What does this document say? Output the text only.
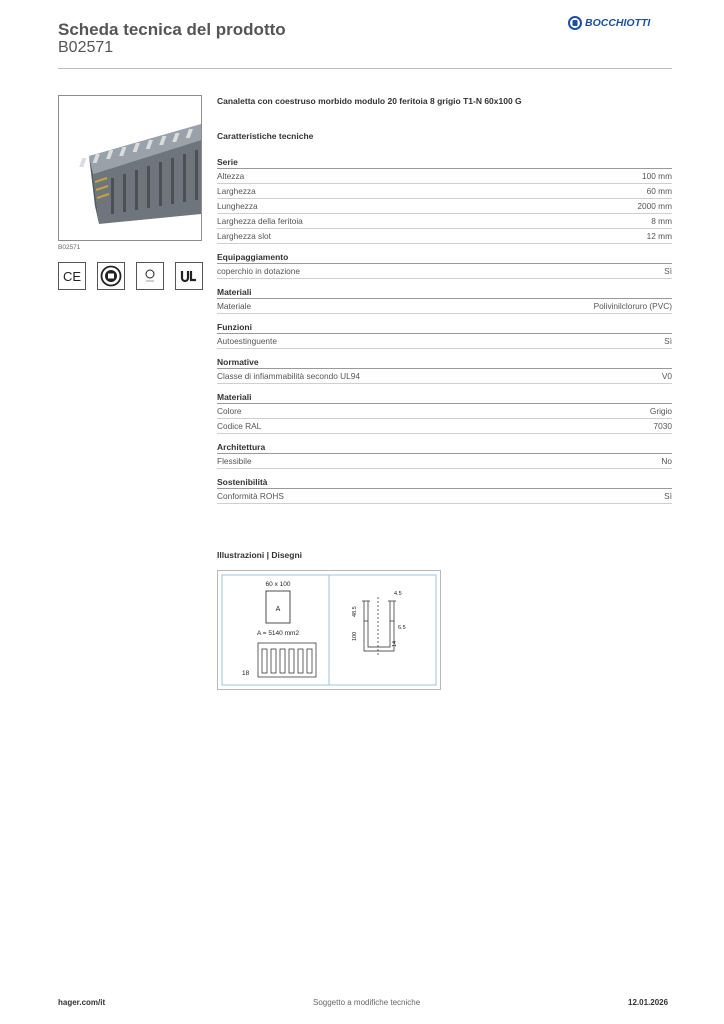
Scheda tecnica del prodotto
B02571
BOCCHIOTTI
B02571
CE
Canaletta con coestruso morbido modulo 20 feritoia 8 grigio T1-N 60x100 G
Caratteristiche tecniche
Serie
Altezza	100 mm
Larghezza	60 mm
Lunghezza	2000 mm
Larghezza della feritoia	8 mm
Larghezza slot	12 mm
Equipaggiamento
coperchio in dotazione	Sì
Materiali
Materiale	Polivinilcloruro (PVC)
Funzioni
Autoestinguente	Sì
Normative
Classe di infiammabilità secondo UL94	V0
Materiali
Colore	Grigio
Codice RAL	7030
Architettura
Flessibile	No
Sostenibilità
Conformità ROHS	Sì
Illustrazioni | Disegni
60 x 100
A
A = 5140 mm2
18
4.5
48.5
100
6.5
14
hager.com/it	Soggetto a modifiche tecniche	12.01.2026
